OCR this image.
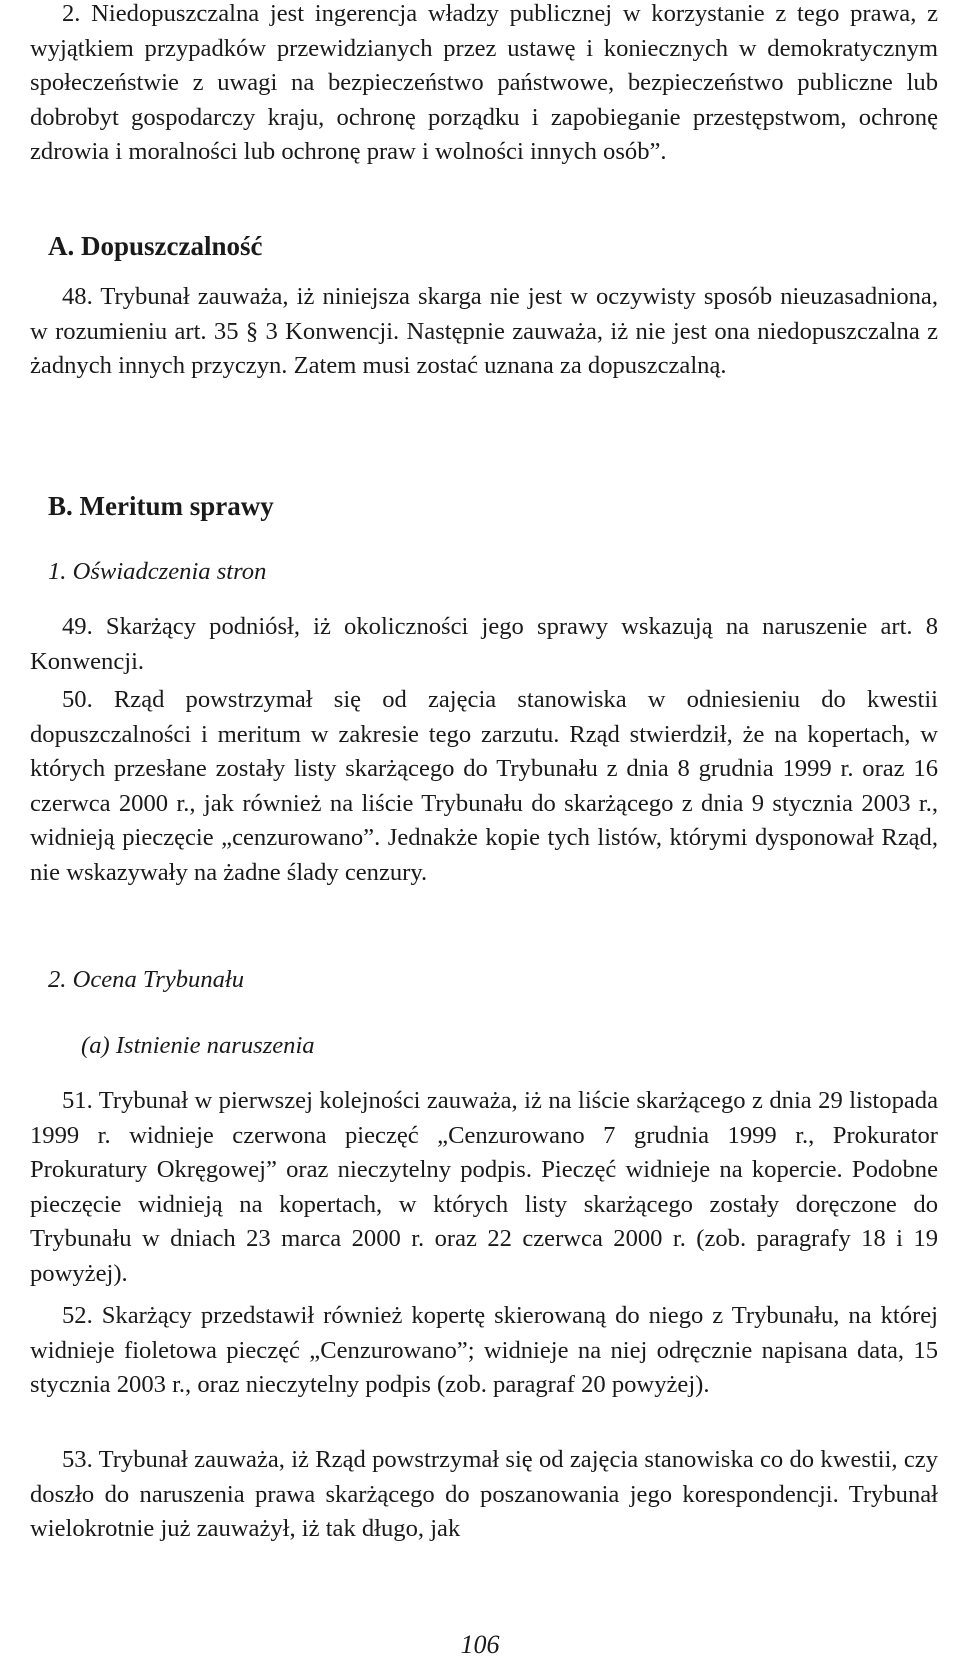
2. Niedopuszczalna jest ingerencja władzy publicznej w korzystanie z tego prawa, z wyjątkiem przypadków przewidzianych przez ustawę i koniecznych w demokratycznym społeczeństwie z uwagi na bezpieczeństwo państwowe, bezpieczeństwo publiczne lub dobrobyt gospodarczy kraju, ochronę porządku i zapobieganie przestępstwom, ochronę zdrowia i moralności lub ochronę praw i wolności innych osób”.

A. Dopuszczalność

48. Trybunał zauważa, iż niniejsza skarga nie jest w oczywisty sposób nieuzasadniona, w rozumieniu art. 35 § 3 Konwencji. Następnie zauważa, iż nie jest ona niedopuszczalna z żadnych innych przyczyn. Zatem musi zostać uznana za dopuszczalną.

B. Meritum sprawy
1. Oświadczenia stron

49. Skarżący podniósł, iż okoliczności jego sprawy wskazują na naruszenie art. 8 Konwencji.

50. Rząd powstrzymał się od zajęcia stanowiska w odniesieniu do kwestii dopuszczalności i meritum w zakresie tego zarzutu. Rząd stwierdził, że na kopertach, w których przesłane zostały listy skarżącego do Trybunału z dnia 8 grudnia 1999 r. oraz 16 czerwca 2000 r., jak również na liście Trybunału do skarżącego z dnia 9 stycznia 2003 r., widnieją pieczęcie „cenzurowano”. Jednakże kopie tych listów, którymi dysponował Rząd, nie wskazywały na żadne ślady cenzury.

2. Ocena Trybunału
(a) Istnienie naruszenia

51. Trybunał w pierwszej kolejności zauważa, iż na liście skarżącego z dnia 29 listopada 1999 r. widnieje czerwona pieczęć „Cenzurowano 7 grudnia 1999 r., Prokurator Prokuratury Okręgowej” oraz nieczytelny podpis. Pieczęć widnieje na kopercie. Podobne pieczęcie widnieją na kopertach, w których listy skarżącego zostały doręczone do Trybunału w dniach 23 marca 2000 r. oraz 22 czerwca 2000 r. (zob. paragrafy 18 i 19 powyżej).

52. Skarżący przedstawił również kopertę skierowaną do niego z Trybunału, na której widnieje fioletowa pieczęć „Cenzurowano”; widnieje na niej odręcznie napisana data, 15 stycznia 2003 r., oraz nieczytelny podpis (zob. paragraf 20 powyżej).

53. Trybunał zauważa, iż Rząd powstrzymał się od zajęcia stanowiska co do kwestii, czy doszło do naruszenia prawa skarżącego do poszanowania jego korespondencji. Trybunał wielokrotnie już zauważył, iż tak długo, jak

106
